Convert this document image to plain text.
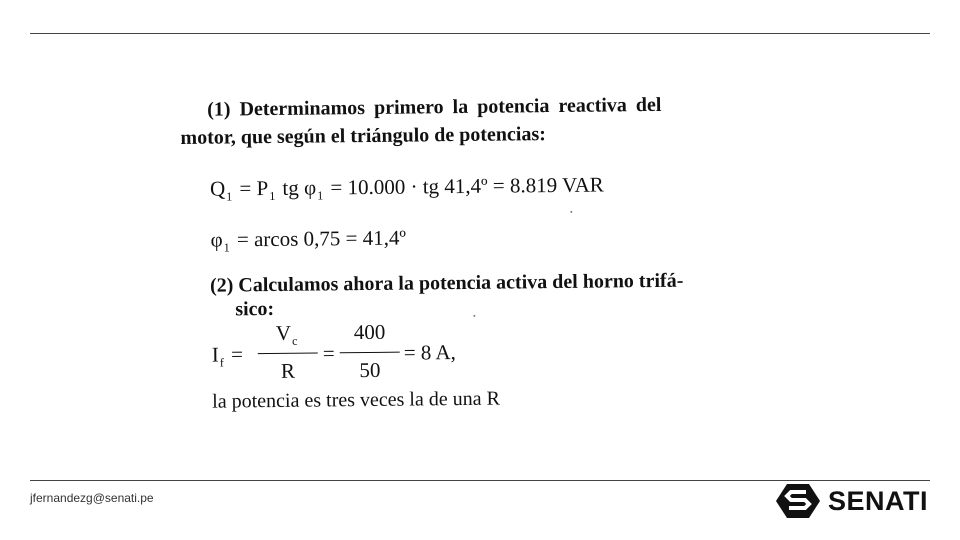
(1) Determinamos primero la potencia reactiva del
motor, que según el triángulo de potencias:
$Q_1 = P_1$ tg $\varphi_1 = 10.000$ · tg 41,4º = 8.819 VAR
$\varphi_1 = arcos$ 0,75 = 41,4º
(2) Calculamos ahora la potencia activa del horno trifá-
sico:
$I_f$ =
$V_c$
R
=
400
50
= 8 A,
la potencia es tres veces la de una R
jfernandezg@senati.pe	SENATI
